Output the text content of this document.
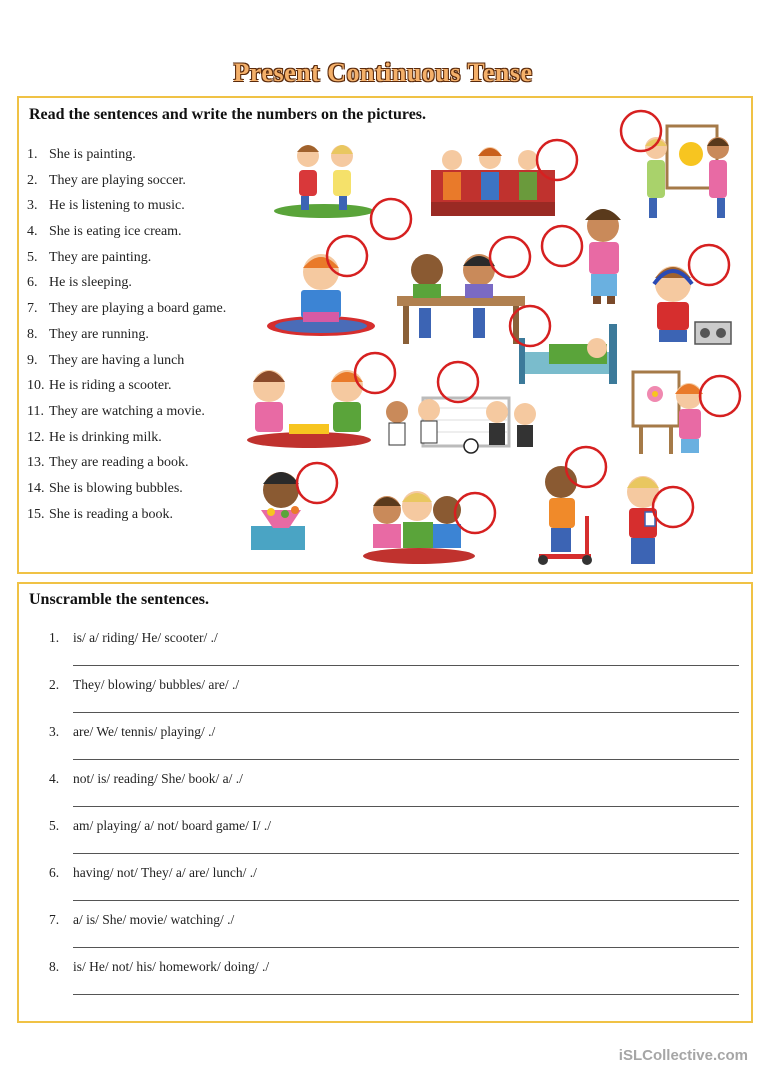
Present Continuous Tense
Read the sentences and write the numbers on the pictures.
1. She is painting.
2. They are playing soccer.
3. He is listening to music.
4. She is eating ice cream.
5. They are painting.
6. He is sleeping.
7. They are playing a board game.
8. They are running.
9. They are having a lunch
10. He is riding a scooter.
11. They are watching a movie.
12. He is drinking milk.
13. They are reading a book.
14. She is blowing bubbles.
15. She is reading a book.
Unscramble the sentences.
1. is/ a/ riding/ He/ scooter/ ./
2. They/ blowing/ bubbles/ are/ ./
3. are/ We/ tennis/ playing/ ./
4. not/ is/ reading/ She/ book/ a/ ./
5. am/ playing/ a/ not/ board game/ I/ ./
6. having/ not/ They/ a/ are/ lunch/ ./
7. a/ is/ She/ movie/ watching/ ./
8. is/ He/ not/ his/ homework/ doing/ ./
iSLCollective.com
